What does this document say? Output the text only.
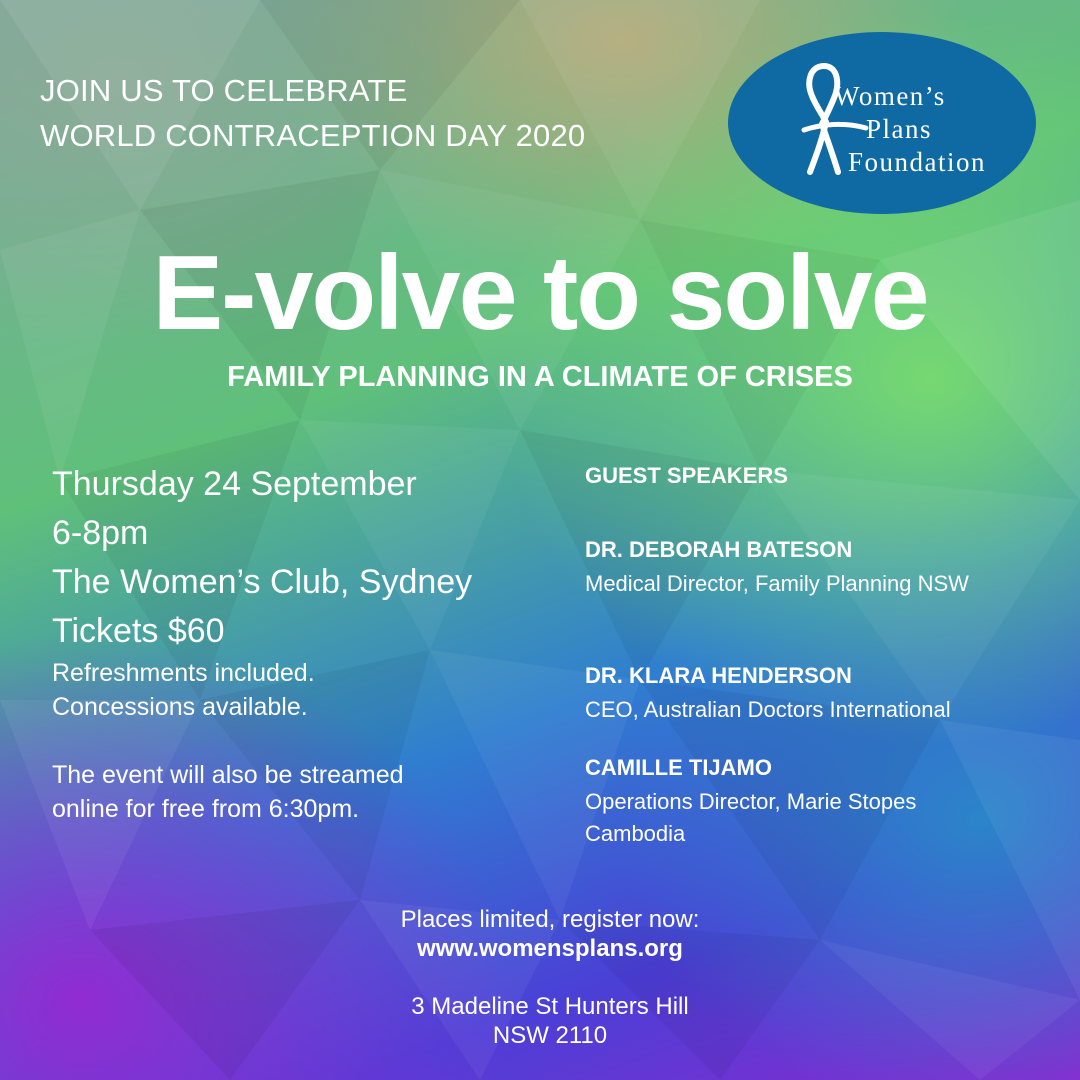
JOIN US TO CELEBRATE
WORLD CONTRACEPTION DAY 2020
Women’s
Plans
Foundation
E-volve to solve
FAMILY PLANNING IN A CLIMATE OF CRISES
Thursday 24 September
6-8pm
The Women’s Club, Sydney
Tickets $60
Refreshments included.
Concessions available.
The event will also be streamed
online for free from 6:30pm.
GUEST SPEAKERS
DR. DEBORAH BATESON
Medical Director, Family Planning NSW
DR. KLARA HENDERSON
CEO, Australian Doctors International
CAMILLE TIJAMO
Operations Director, Marie Stopes
Cambodia
Places limited, register now:
www.womensplans.org
3 Madeline St Hunters Hill
NSW 2110
